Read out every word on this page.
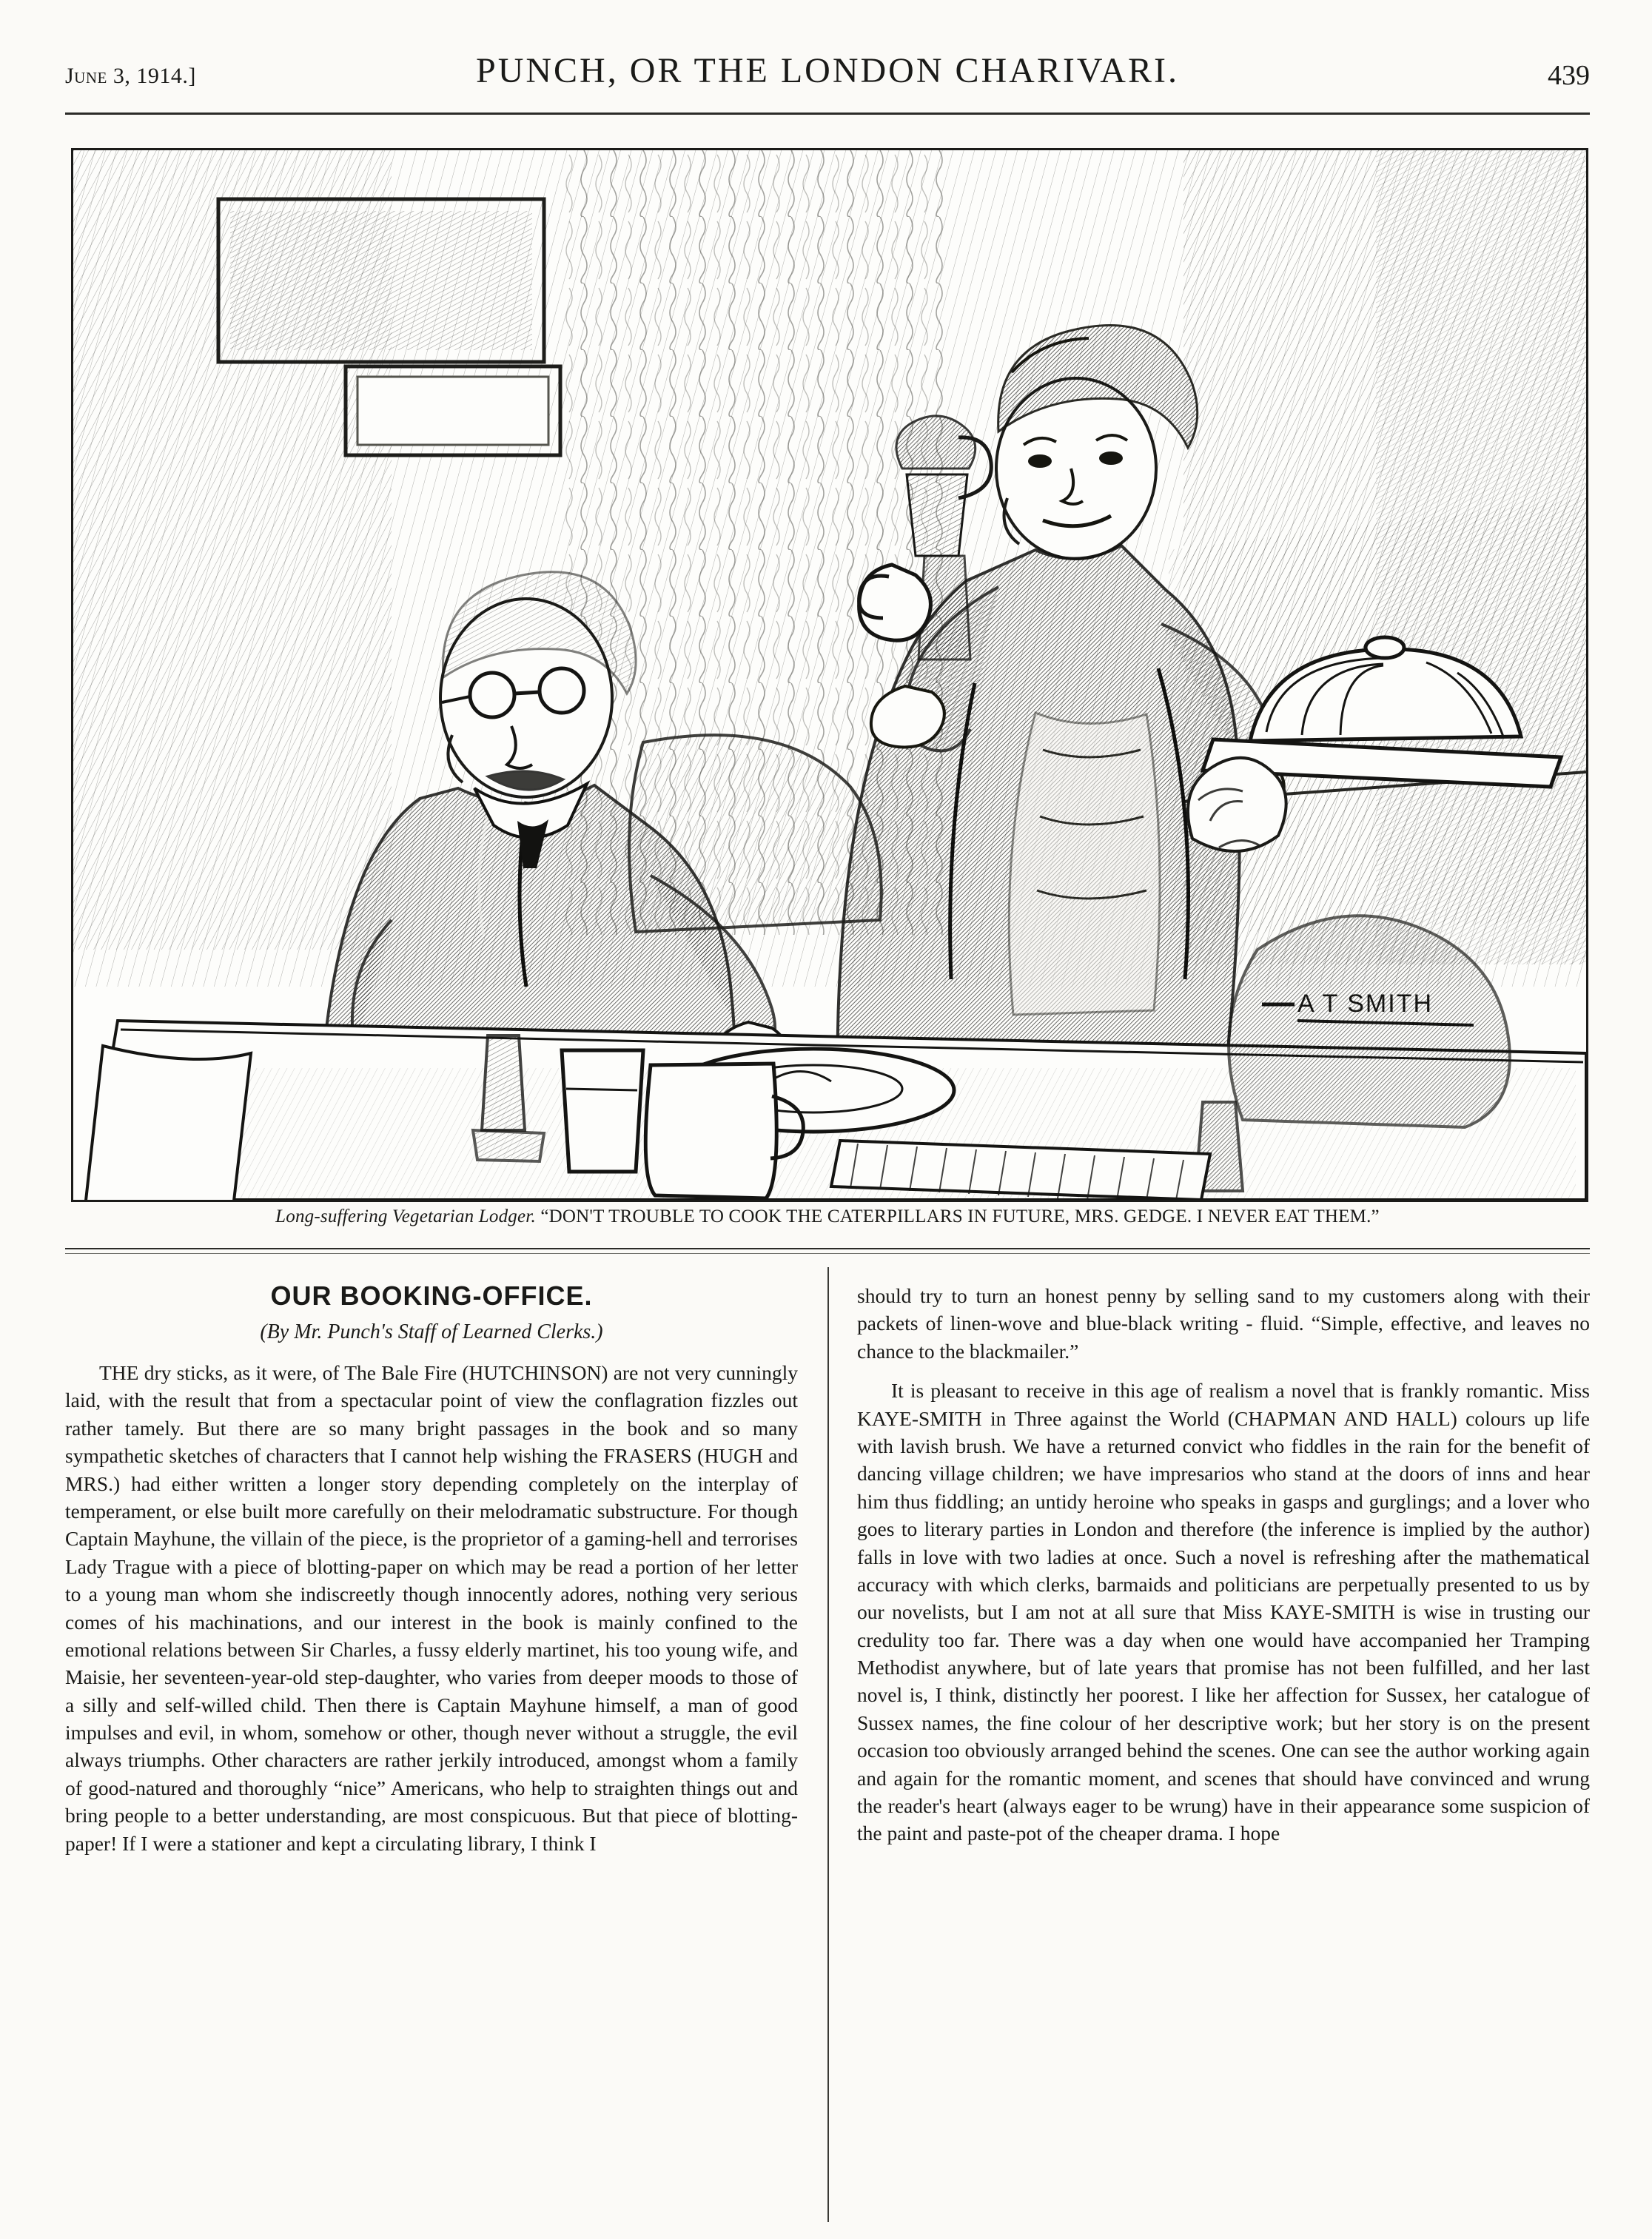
June 3, 1914.]	PUNCH, OR THE LONDON CHARIVARI.	439
A T SMITH
Long-suffering Vegetarian Lodger. “DON'T TROUBLE TO COOK THE CATERPILLARS IN FUTURE, MRS. GEDGE. I NEVER EAT THEM.”
OUR BOOKING-OFFICE.

(By Mr. Punch's Staff of Learned Clerks.)

THE dry sticks, as it were, of The Bale Fire (HUTCHINSON) are not very cunningly laid, with the result that from a spectacular point of view the conflagration fizzles out rather tamely. But there are so many bright passages in the book and so many sympathetic sketches of characters that I cannot help wishing the FRASERS (HUGH and MRS.) had either written a longer story depending completely on the interplay of temperament, or else built more carefully on their melodramatic substructure. For though Captain Mayhune, the villain of the piece, is the proprietor of a gaming-hell and terrorises Lady Trague with a piece of blotting-paper on which may be read a portion of her letter to a young man whom she indiscreetly though innocently adores, nothing very serious comes of his machinations, and our interest in the book is mainly confined to the emotional relations between Sir Charles, a fussy elderly martinet, his too young wife, and Maisie, her seventeen-year-old step-daughter, who varies from deeper moods to those of a silly and self-willed child. Then there is Captain Mayhune himself, a man of good impulses and evil, in whom, somehow or other, though never without a struggle, the evil always triumphs. Other characters are rather jerkily introduced, amongst whom a family of good-natured and thoroughly “nice” Americans, who help to straighten things out and bring people to a better understanding, are most conspicuous. But that piece of blotting-paper! If I were a stationer and kept a circulating library, I think I

should try to turn an honest penny by selling sand to my customers along with their packets of linen-wove and blue-black writing - fluid. “Simple, effective, and leaves no chance to the blackmailer.”

It is pleasant to receive in this age of realism a novel that is frankly romantic. Miss KAYE-SMITH in Three against the World (CHAPMAN AND HALL) colours up life with lavish brush. We have a returned convict who fiddles in the rain for the benefit of dancing village children; we have impresarios who stand at the doors of inns and hear him thus fiddling; an untidy heroine who speaks in gasps and gurglings; and a lover who goes to literary parties in London and therefore (the inference is implied by the author) falls in love with two ladies at once. Such a novel is refreshing after the mathematical accuracy with which clerks, barmaids and politicians are perpetually presented to us by our novelists, but I am not at all sure that Miss KAYE-SMITH is wise in trusting our credulity too far. There was a day when one would have accompanied her Tramping Methodist anywhere, but of late years that promise has not been fulfilled, and her last novel is, I think, distinctly her poorest. I like her affection for Sussex, her catalogue of Sussex names, the fine colour of her descriptive work; but her story is on the present occasion too obviously arranged behind the scenes. One can see the author working again and again for the romantic moment, and scenes that should have convinced and wrung the reader's heart (always eager to be wrung) have in their appearance some suspicion of the paint and paste-pot of the cheaper drama. I hope
